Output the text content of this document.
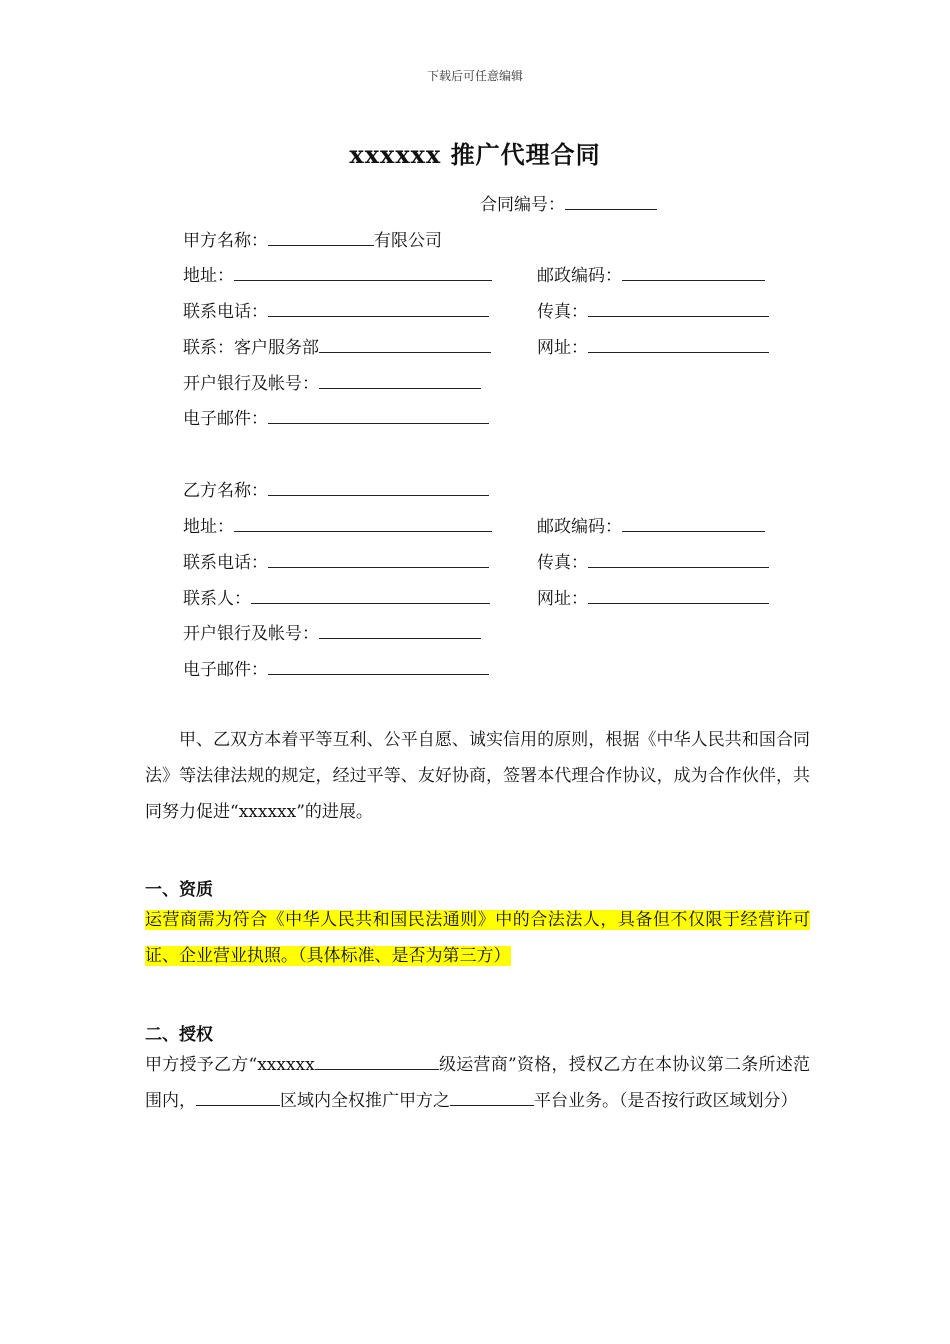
下载后可任意编辑
xxxxxx 推广代理合同
合同编号：
甲方名称：	有限公司
地址：	邮政编码：
联系电话：	传真：
联系：客户服务部	网址：
开户银行及帐号：
电子邮件：
乙方名称：
地址：	邮政编码：
联系电话：	传真：
联系人：	网址：
开户银行及帐号：
电子邮件：
甲、乙双方本着平等互利、公平自愿、诚实信用的原则，根据《中华人民共和国合同法》等法律法规的规定，经过平等、友好协商，签署本代理合作协议，成为合作伙伴，共同努力促进“xxxxxx”的进展。
一、资质
运营商需为符合《中华人民共和国民法通则》中的合法法人，具备但不仅限于经营许可证、企业营业执照。（具体标准、是否为第三方）
二、授权
甲方授予乙方“xxxxxx	级运营商”资格，授权乙方在本协议第二条所述范围内，	区域内全权推广甲方之	平台业务。（是否按行政区域划分）
